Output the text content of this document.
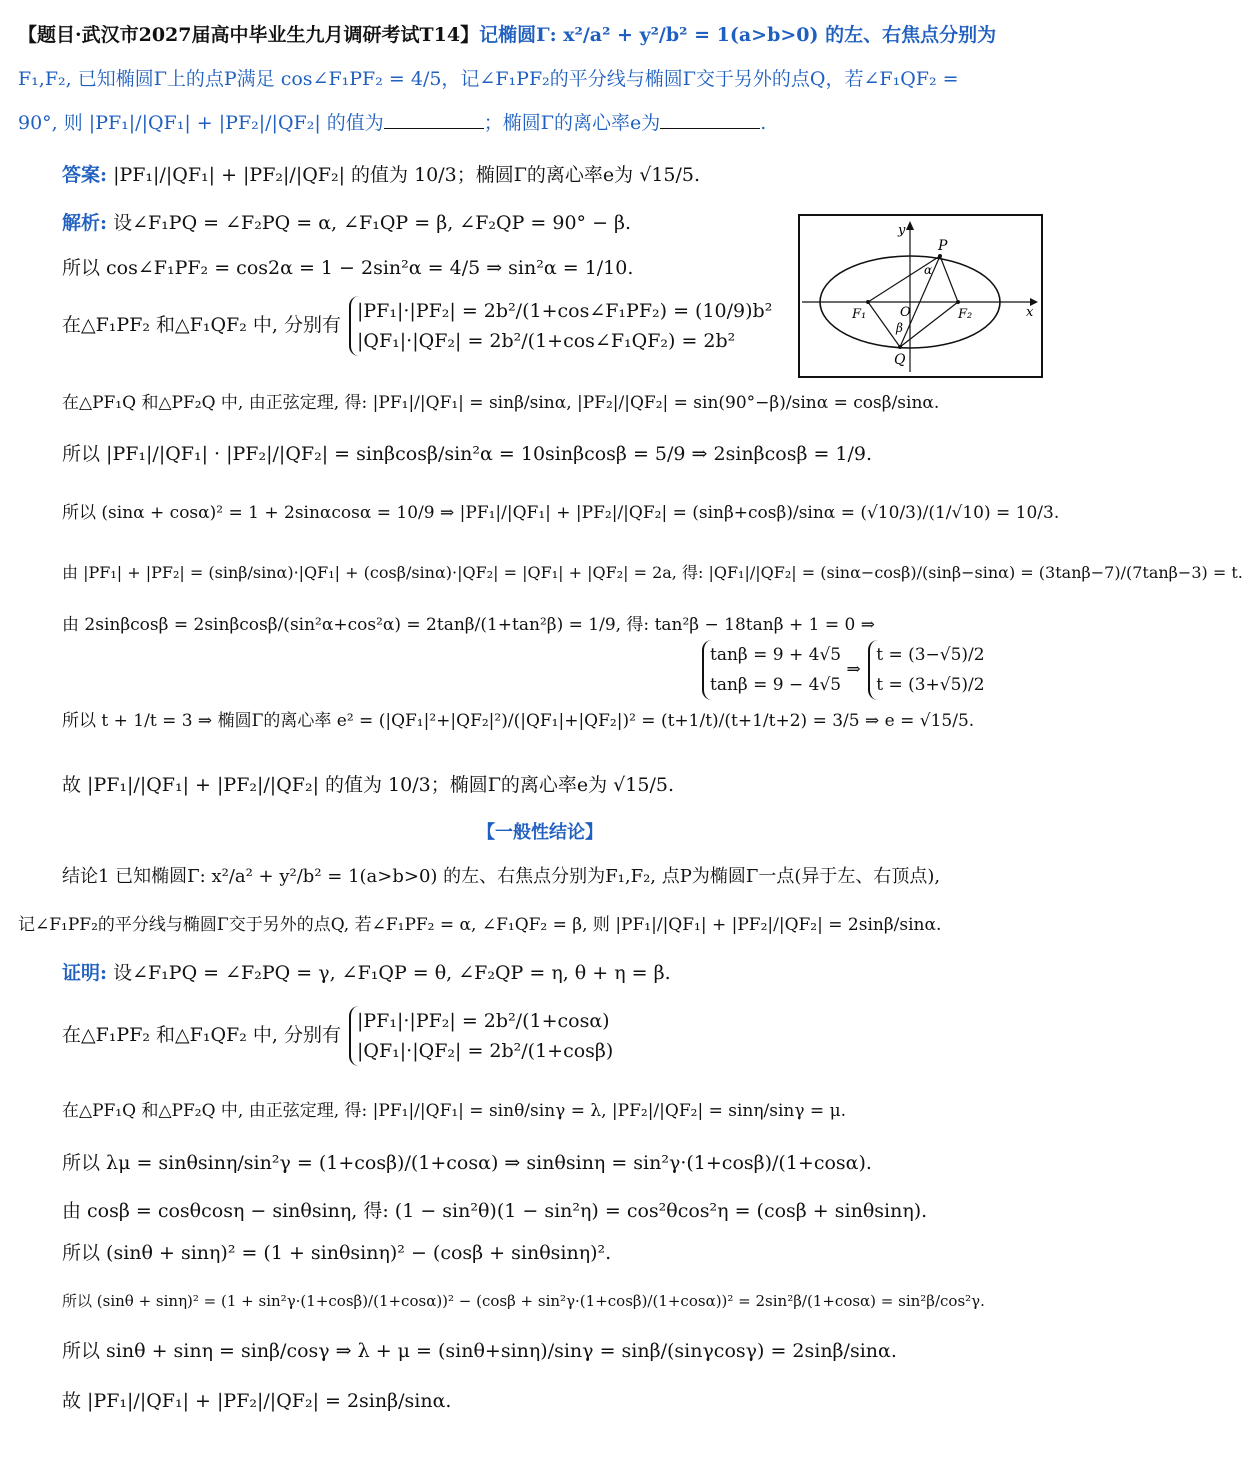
【题目·武汉市2027届高中毕业生九月调研考试T14】记椭圆Γ: x²/a² + y²/b² = 1(a>b>0) 的左、右焦点分别为
F₁,F₂, 已知椭圆Γ上的点P满足 cos∠F₁PF₂ = 4/5，记∠F₁PF₂的平分线与椭圆Γ交于另外的点Q，若∠F₁QF₂ =
90°, 则 |PF₁|/|QF₁| + |PF₂|/|QF₂| 的值为	；椭圆Γ的离心率e为	.
答案: |PF₁|/|QF₁| + |PF₂|/|QF₂| 的值为 10/3；椭圆Γ的离心率e为 √15/5.
解析: 设∠F₁PQ = ∠F₂PQ = α, ∠F₁QP = β, ∠F₂QP = 90° − β.
所以 cos∠F₁PF₂ = cos2α = 1 − 2sin²α = 4/5 ⇒ sin²α = 1/10.
在△F₁PF₂ 和△F₁QF₂ 中, 分别有
|PF₁|·|PF₂| = 2b²/(1+cos∠F₁PF₂) = (10/9)b²
|QF₁|·|QF₂| = 2b²/(1+cos∠F₁QF₂) = 2b²
在△PF₁Q 和△PF₂Q 中, 由正弦定理, 得: |PF₁|/|QF₁| = sinβ/sinα, |PF₂|/|QF₂| = sin(90°−β)/sinα = cosβ/sinα.
所以 |PF₁|/|QF₁| · |PF₂|/|QF₂| = sinβcosβ/sin²α = 10sinβcosβ = 5/9 ⇒ 2sinβcosβ = 1/9.
所以 (sinα + cosα)² = 1 + 2sinαcosα = 10/9 ⇒ |PF₁|/|QF₁| + |PF₂|/|QF₂| = (sinβ+cosβ)/sinα = (√10/3)/(1/√10) = 10/3.
由 |PF₁| + |PF₂| = (sinβ/sinα)·|QF₁| + (cosβ/sinα)·|QF₂| = |QF₁| + |QF₂| = 2a, 得: |QF₁|/|QF₂| = (sinα−cosβ)/(sinβ−sinα) = (3tanβ−7)/(7tanβ−3) = t.
由 2sinβcosβ = 2sinβcosβ/(sin²α+cos²α) = 2tanβ/(1+tan²β) = 1/9, 得: tan²β − 18tanβ + 1 = 0 ⇒
tanβ = 9 + 4√5
tanβ = 9 − 4√5
⇒
t = (3−√5)/2
t = (3+√5)/2
所以 t + 1/t = 3 ⇒ 椭圆Γ的离心率 e² = (|QF₁|²+|QF₂|²)/(|QF₁|+|QF₂|)² = (t+1/t)/(t+1/t+2) = 3/5 ⇒ e = √15/5.
故 |PF₁|/|QF₁| + |PF₂|/|QF₂| 的值为 10/3；椭圆Γ的离心率e为 √15/5.
【一般性结论】
结论1 已知椭圆Γ: x²/a² + y²/b² = 1(a>b>0) 的左、右焦点分别为F₁,F₂, 点P为椭圆Γ一点(异于左、右顶点),
记∠F₁PF₂的平分线与椭圆Γ交于另外的点Q, 若∠F₁PF₂ = α, ∠F₁QF₂ = β, 则 |PF₁|/|QF₁| + |PF₂|/|QF₂| = 2sinβ/sinα.
证明: 设∠F₁PQ = ∠F₂PQ = γ, ∠F₁QP = θ, ∠F₂QP = η, θ + η = β.
在△F₁PF₂ 和△F₁QF₂ 中, 分别有
|PF₁|·|PF₂| = 2b²/(1+cosα)
|QF₁|·|QF₂| = 2b²/(1+cosβ)
在△PF₁Q 和△PF₂Q 中, 由正弦定理, 得: |PF₁|/|QF₁| = sinθ/sinγ = λ, |PF₂|/|QF₂| = sinη/sinγ = μ.
所以 λμ = sinθsinη/sin²γ = (1+cosβ)/(1+cosα) ⇒ sinθsinη = sin²γ·(1+cosβ)/(1+cosα).
由 cosβ = cosθcosη − sinθsinη, 得: (1 − sin²θ)(1 − sin²η) = cos²θcos²η = (cosβ + sinθsinη).
所以 (sinθ + sinη)² = (1 + sinθsinη)² − (cosβ + sinθsinη)².
所以 (sinθ + sinη)² = (1 + sin²γ·(1+cosβ)/(1+cosα))² − (cosβ + sin²γ·(1+cosβ)/(1+cosα))² = 2sin²β/(1+cosα) = sin²β/cos²γ.
所以 sinθ + sinη = sinβ/cosγ ⇒ λ + μ = (sinθ+sinη)/sinγ = sinβ/(sinγcosγ) = 2sinβ/sinα.
故 |PF₁|/|QF₁| + |PF₂|/|QF₂| = 2sinβ/sinα.
y
x
P
Q
O
F₁	F₂
α
β
